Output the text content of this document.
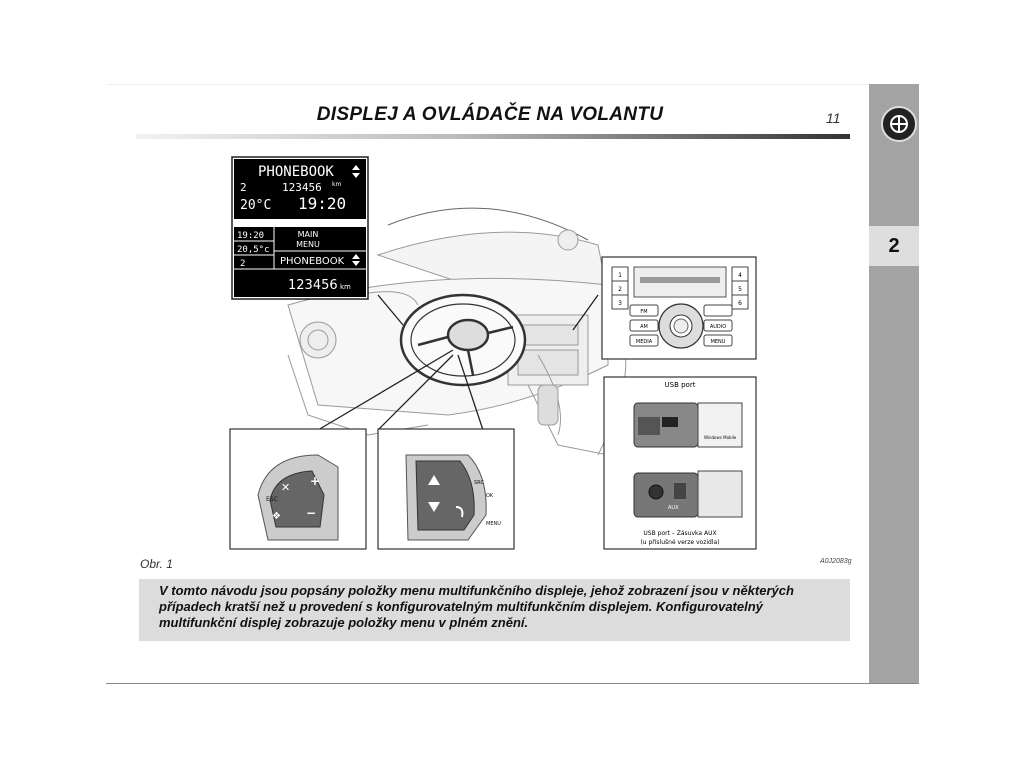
2
DISPLEJ A OVLÁDAČE NA VOLANTU	11
PHONEBOOK
2	123456 km
20°C 19:20
19:20
20,5°c
2
MAIN
MENU
PHONEBOOK
123456 km
1
2
3
4
5
6
FM
AM
MEDIA
AUDIO
MENU
✕ +
−
❖
ESC
SRC
OK
MENU
USB port
Windows Mobile
AUX
USB port – Zásuvka AUX
(u příslušné verze vozidla)
Obr. 1	A0J2083g
V tomto návodu jsou popsány položky menu multifunkčního displeje, jehož zobrazení jsou v některých případech kratší než u provedení s konfigurovatelným multifunkčním displejem. Konfigurovatelný multifunkční displej zobrazuje položky menu v plném znění.
